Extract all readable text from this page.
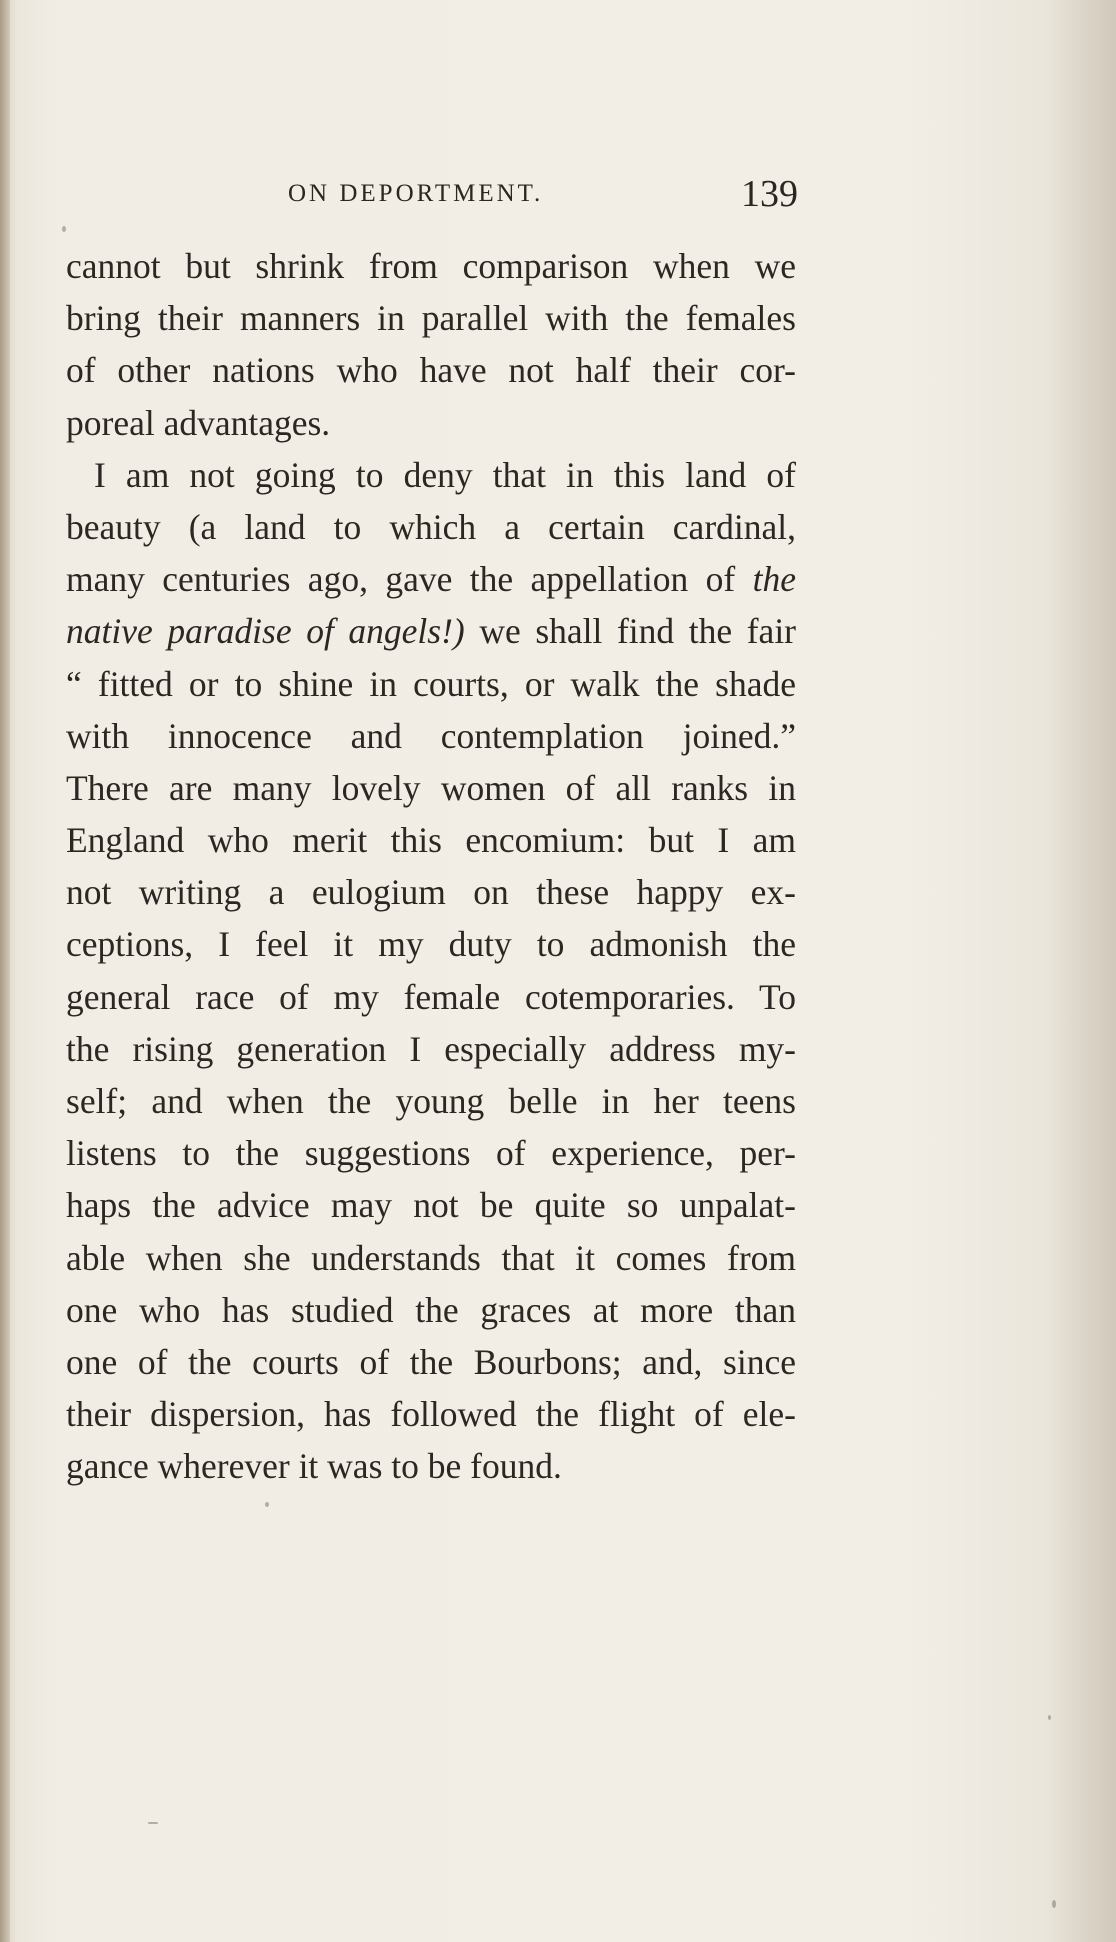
ON DEPORTMENT.	139
cannot but shrink from comparison when we
bring their manners in parallel with the females
of other nations who have not half their cor-
poreal advantages.
I am not going to deny that in this land of
beauty (a land to which a certain cardinal,
many centuries ago, gave the appellation of the
native paradise of angels!) we shall find the fair
“ fitted or to shine in courts, or walk the shade
with innocence and contemplation joined.”
There are many lovely women of all ranks in
England who merit this encomium: but I am
not writing a eulogium on these happy ex-
ceptions, I feel it my duty to admonish the
general race of my female cotemporaries. To
the rising generation I especially address my-
self; and when the young belle in her teens
listens to the suggestions of experience, per-
haps the advice may not be quite so unpalat-
able when she understands that it comes from
one who has studied the graces at more than
one of the courts of the Bourbons; and, since
their dispersion, has followed the flight of ele-
gance wherever it was to be found.
